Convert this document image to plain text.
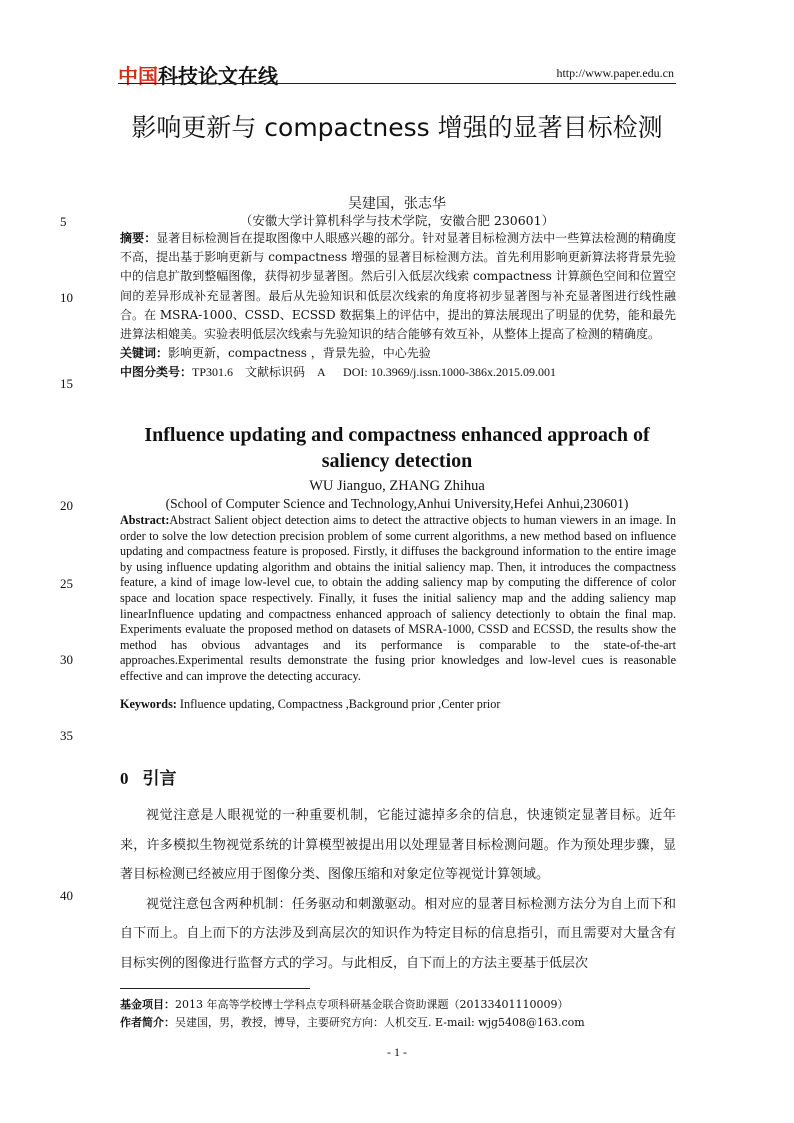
中国科技论文在线	http://www.paper.edu.cn
影响更新与 compactness 增强的显著目标检测
吴建国，张志华
（安徽大学计算机科学与技术学院，安徽合肥 230601）
摘要：显著目标检测旨在提取图像中人眼感兴趣的部分。针对显著目标检测方法中一些算法检测的精确度不高，提出基于影响更新与 compactness 增强的显著目标检测方法。首先利用影响更新算法将背景先验中的信息扩散到整幅图像，获得初步显著图。然后引入低层次线索 compactness 计算颜色空间和位置空间的差异形成补充显著图。最后从先验知识和低层次线索的角度将初步显著图与补充显著图进行线性融合。在 MSRA-1000、CSSD、ECSSD 数据集上的评估中，提出的算法展现出了明显的优势，能和最先进算法相媲美。实验表明低层次线索与先验知识的结合能够有效互补，从整体上提高了检测的精确度。
关键词：影响更新，compactness ，背景先验，中心先验
中图分类号：TP301.6    文献标识码    A      DOI: 10.3969/j.issn.1000-386x.2015.09.001
5
10
15
20
25
30
35
40
Influence updating and compactness enhanced approach of saliency detection
WU Jianguo, ZHANG Zhihua
(School of Computer Science and Technology,Anhui University,Hefei Anhui,230601)
Abstract:Abstract Salient object detection aims to detect the attractive objects to human viewers in an image. In order to solve the low detection precision problem of some current algorithms, a new method based on influence updating and compactness feature is proposed. Firstly, it diffuses the background information to the entire image by using influence updating algorithm and obtains the initial saliency map. Then, it introduces the compactness feature, a kind of image low-level cue, to obtain the adding saliency map by computing the difference of color space and location space respectively. Finally, it fuses the initial saliency map and the adding saliency map linearInfluence updating and compactness enhanced approach of saliency detectionly to obtain the final map. Experiments evaluate the proposed method on datasets of MSRA-1000, CSSD and ECSSD, the results show the method has obvious advantages and its performance is comparable to the state-of-the-art approaches.Experimental results demonstrate the fusing prior knowledges and low-level cues is reasonable effective and can improve the detecting accuracy.
Keywords: Influence updating, Compactness ,Background prior ,Center prior
0 引言

视觉注意是人眼视觉的一种重要机制，它能过滤掉多余的信息，快速锁定显著目标。近年来，许多模拟生物视觉系统的计算模型被提出用以处理显著目标检测问题。作为预处理步骤，显著目标检测已经被应用于图像分类、图像压缩和对象定位等视觉计算领域。

视觉注意包含两种机制：任务驱动和刺激驱动。相对应的显著目标检测方法分为自上而下和自下而上。自上而下的方法涉及到高层次的知识作为特定目标的信息指引，而且需要对大量含有目标实例的图像进行监督方式的学习。与此相反，自下而上的方法主要基于低层次

基金项目：2013 年高等学校博士学科点专项科研基金联合资助课题（20133401110009）
作者简介：吴建国，男，教授，博导，主要研究方向：人机交互. E-mail: wjg5408@163.com
- 1 -
